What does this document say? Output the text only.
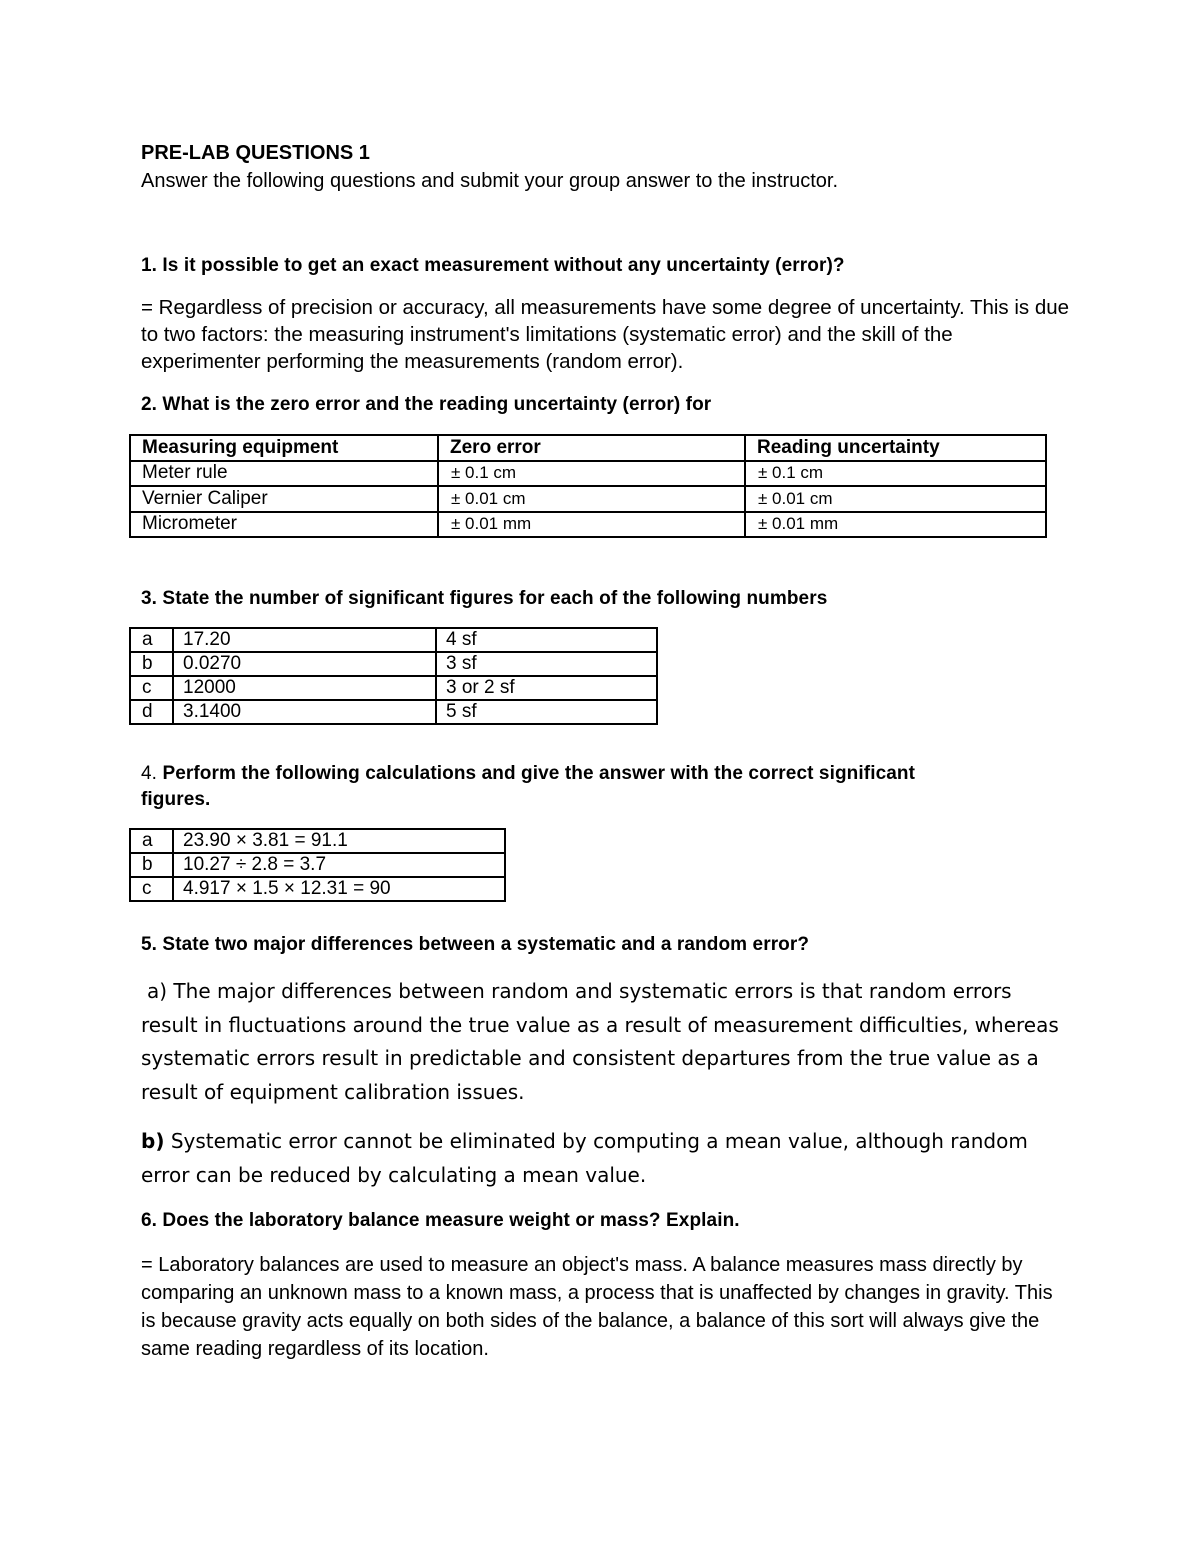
PRE-LAB QUESTIONS 1

Answer the following questions and submit your group answer to the instructor.

1. Is it possible to get an exact measurement without any uncertainty (error)?

= Regardless of precision or accuracy, all measurements have some degree of uncertainty. This is due to two factors: the measuring instrument's limitations (systematic error) and the skill of the experimenter performing the measurements (random error).

2. What is the zero error and the reading uncertainty (error) for

Measuring equipment	Zero error	Reading uncertainty
Meter rule	± 0.1 cm	± 0.1 cm
Vernier Caliper	± 0.01 cm	± 0.01 cm
Micrometer	± 0.01 mm	± 0.01 mm

3. State the number of significant figures for each of the following numbers

a	17.20	4 sf
b	0.0270	3 sf
c	12000	3 or 2 sf
d	3.1400	5 sf

4. Perform the following calculations and give the answer with the correct significant figures.

a	23.90 × 3.81 = 91.1
b	10.27 ÷ 2.8 = 3.7
c	4.917 × 1.5 × 12.31 = 90

5. State two major differences between a systematic and a random error?

a) The major differences between random and systematic errors is that random errors result in fluctuations around the true value as a result of measurement difficulties, whereas systematic errors result in predictable and consistent departures from the true value as a result of equipment calibration issues.

b) Systematic error cannot be eliminated by computing a mean value, although random error can be reduced by calculating a mean value.

6. Does the laboratory balance measure weight or mass? Explain.

= Laboratory balances are used to measure an object's mass. A balance measures mass directly by comparing an unknown mass to a known mass, a process that is unaffected by changes in gravity. This is because gravity acts equally on both sides of the balance, a balance of this sort will always give the same reading regardless of its location.
